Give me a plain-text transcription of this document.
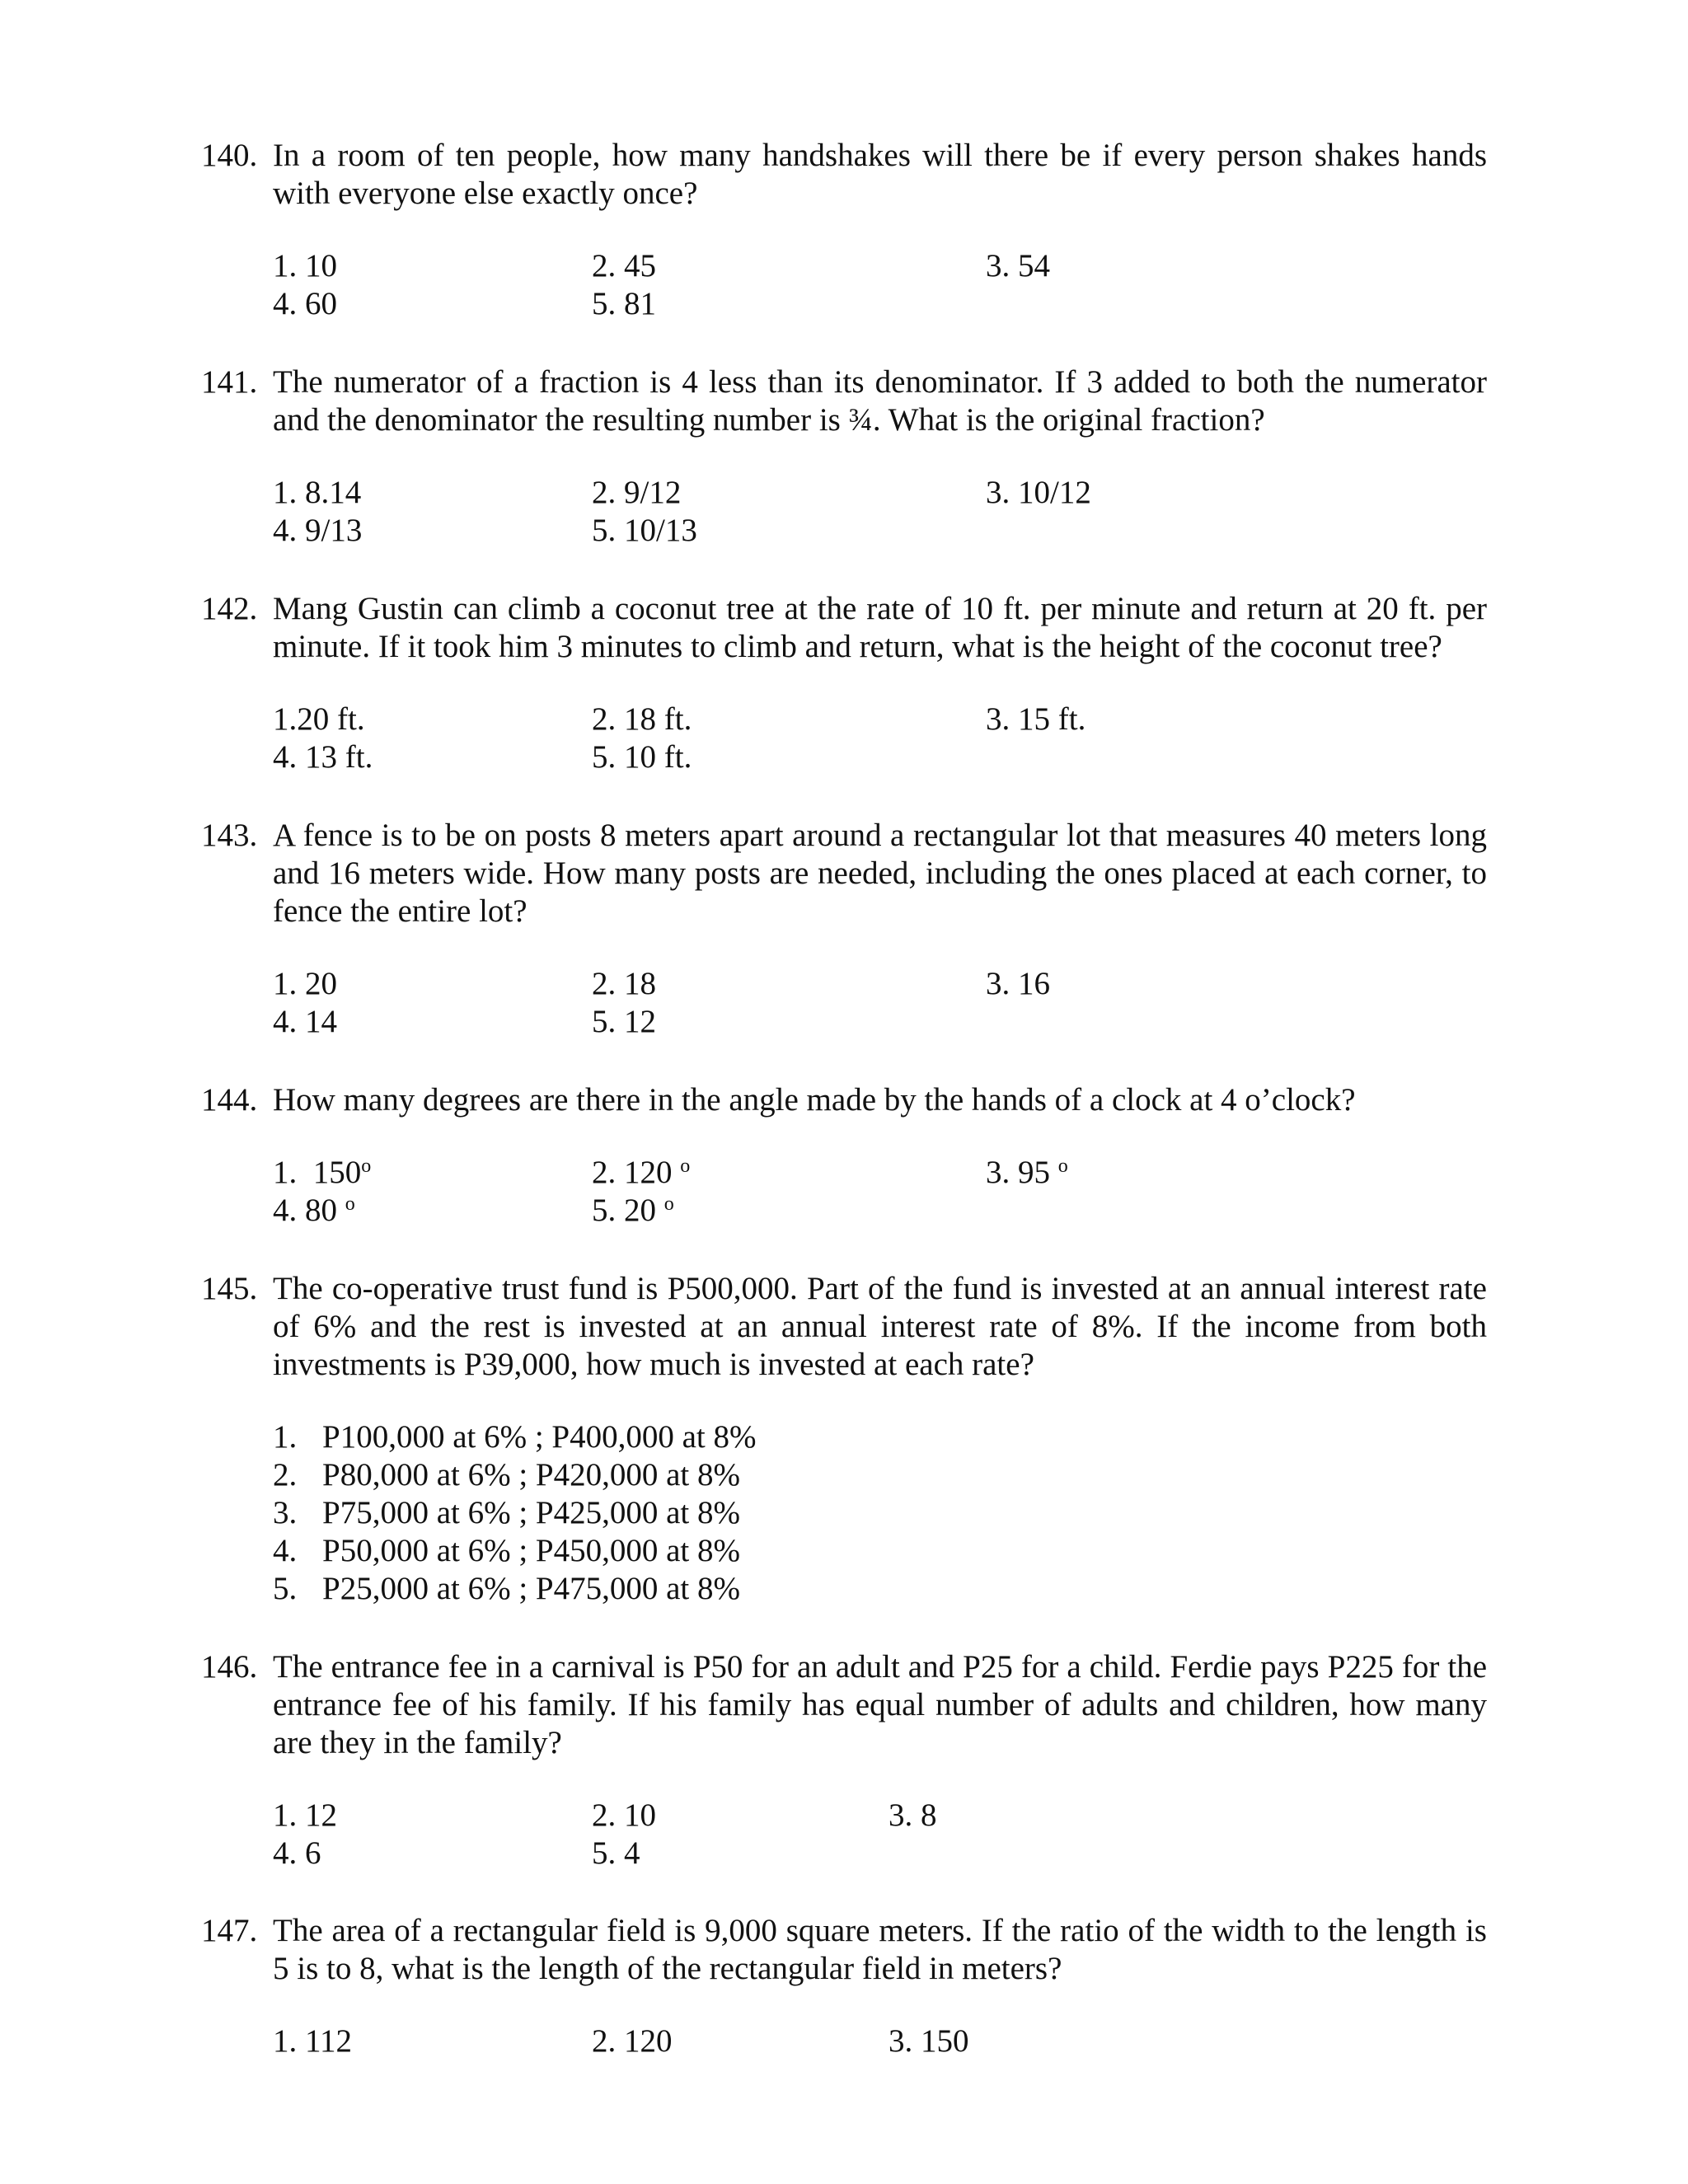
140. In a room of ten people, how many handshakes will there be if every person shakes hands with everyone else exactly once?
1. 10	2. 45	3. 54
4. 60	5. 81
141. The numerator of a fraction is 4 less than its denominator. If 3 added to both the numerator and the denominator the resulting number is ¾. What is the original fraction?
1. 8.14	2. 9/12	3. 10/12
4. 9/13	5. 10/13
142. Mang Gustin can climb a coconut tree at the rate of 10 ft. per minute and return at 20 ft. per minute. If it took him 3 minutes to climb and return, what is the height of the coconut tree?
1.20 ft.	2. 18 ft.	3. 15 ft.
4. 13 ft.	5. 10 ft.
143. A fence is to be on posts 8 meters apart around a rectangular lot that measures 40 meters long and 16 meters wide. How many posts are needed, including the ones placed at each corner, to fence the entire lot?
1. 20	2. 18	3. 16
4. 14	5. 12
144. How many degrees are there in the angle made by the hands of a clock at 4 o’clock?
1.  150$^o$	2. 120 $^o$	3. 95 $^o$
4. 80 $^o$	5. 20 $^o$
145. The co-operative trust fund is P500,000. Part of the fund is invested at an annual interest rate of 6% and the rest is invested at an annual interest rate of 8%. If the income from both investments is P39,000, how much is invested at each rate?
1. P100,000 at 6% ; P400,000 at 8%
2. P80,000 at 6% ; P420,000 at 8%
3. P75,000 at 6% ; P425,000 at 8%
4. P50,000 at 6% ; P450,000 at 8%
5. P25,000 at 6% ; P475,000 at 8%
146. The entrance fee in a carnival is P50 for an adult and P25 for a child. Ferdie pays P225 for the entrance fee of his family. If his family has equal number of adults and children, how many are they in the family?
1. 12	2. 10	3. 8
4. 6	5. 4
147. The area of a rectangular field is 9,000 square meters. If the ratio of the width to the length is 5 is to 8, what is the length of the rectangular field in meters?
1. 112	2. 120	3. 150
